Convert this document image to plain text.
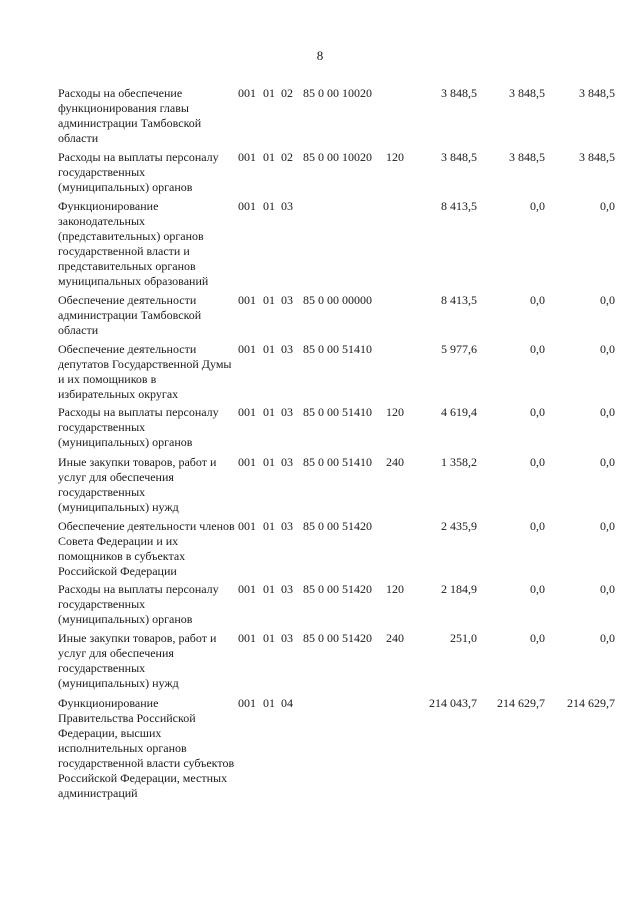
8
Расходы на обеспечение функционирования главы администрации Тамбовской области
001 01 02 85 0 00 10020	3 848,5	3 848,5	3 848,5
Расходы на выплаты персоналу государственных (муниципальных) органов
001 01 02 85 0 00 10020 120	3 848,5	3 848,5	3 848,5
Функционирование законодательных (представительных) органов государственной власти и представительных органов муниципальных образований
001 01 03	8 413,5	0,0	0,0
Обеспечение деятельности администрации Тамбовской области
001 01 03 85 0 00 00000	8 413,5	0,0	0,0
Обеспечение деятельности депутатов Государственной Думы и их помощников в избирательных округах
001 01 03 85 0 00 51410	5 977,6	0,0	0,0
Расходы на выплаты персоналу государственных (муниципальных) органов
001 01 03 85 0 00 51410 120	4 619,4	0,0	0,0
Иные закупки товаров, работ и услуг для обеспечения государственных (муниципальных) нужд
001 01 03 85 0 00 51410 240	1 358,2	0,0	0,0
Обеспечение деятельности членов Совета Федерации и их помощников в субъектах Российской Федерации
001 01 03 85 0 00 51420	2 435,9	0,0	0,0
Расходы на выплаты персоналу государственных (муниципальных) органов
001 01 03 85 0 00 51420 120	2 184,9	0,0	0,0
Иные закупки товаров, работ и услуг для обеспечения государственных (муниципальных) нужд
001 01 03 85 0 00 51420 240	251,0	0,0	0,0
Функционирование Правительства Российской Федерации, высших исполнительных органов государственной власти субъектов Российской Федерации, местных администраций
001 01 04	214 043,7	214 629,7	214 629,7
